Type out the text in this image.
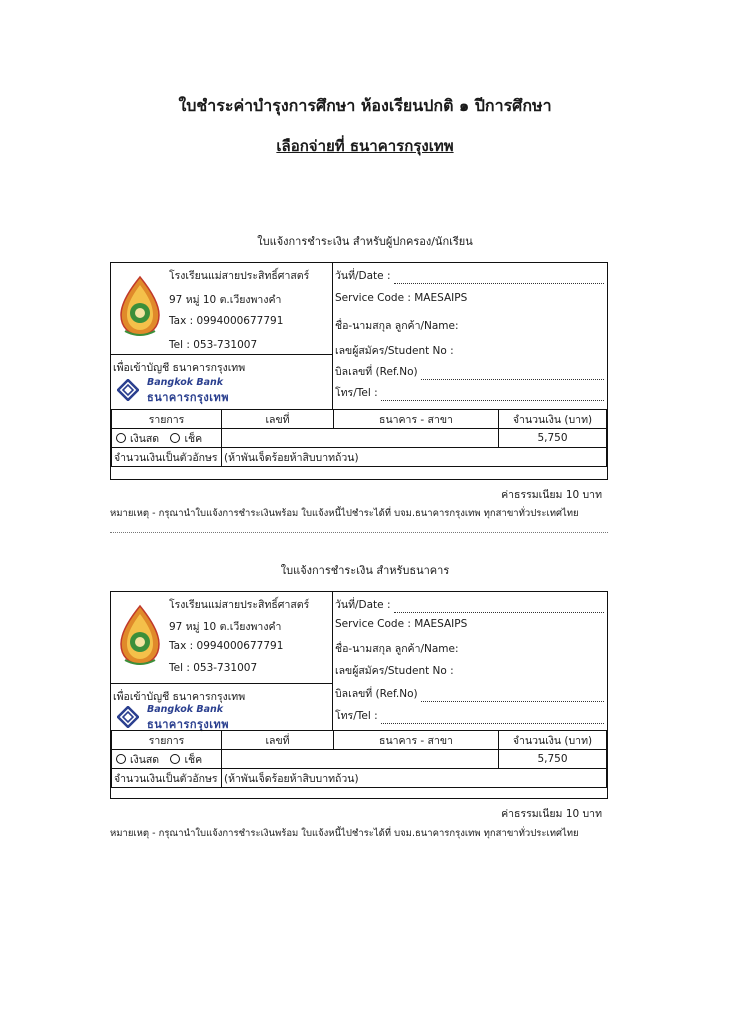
ใบชำระค่าบำรุงการศึกษา ห้องเรียนปกติ ๑ ปีการศึกษา
เลือกจ่ายที่ ธนาคารกรุงเทพ
ใบแจ้งการชำระเงิน สำหรับผู้ปกครอง/นักเรียน
โรงเรียนแม่สายประสิทธิ์ศาสตร์
97 หมู่ 10 ต.เวียงพางคำ
Tax : 0994000677791
Tel : 053-731007
เพื่อเข้าบัญชี ธนาคารกรุงเทพ
Bangkok Bank
ธนาคารกรุงเทพ
วันที่/Date :
Service Code : MAESAIPS
ชื่อ-นามสกุล ลูกค้า/Name:
เลขผู้สมัคร/Student No :
บิลเลขที่ (Ref.No)
โทร/Tel :
รายการ	เลขที่	ธนาคาร - สาขา	จำนวนเงิน (บาท)
เงินสด เช็ค			5,750
จำนวนเงินเป็นตัวอักษร	(ห้าพันเจ็ดร้อยห้าสิบบาทถ้วน)		
ค่าธรรมเนียม 10 บาท
หมายเหตุ - กรุณานำใบแจ้งการชำระเงินพร้อม ใบแจ้งหนี้ไปชำระได้ที่ บจม.ธนาคารกรุงเทพ ทุกสาขาทั่วประเทศไทย
ใบแจ้งการชำระเงิน สำหรับธนาคาร
โรงเรียนแม่สายประสิทธิ์ศาสตร์
97 หมู่ 10 ต.เวียงพางคำ
Tax : 0994000677791
Tel : 053-731007
เพื่อเข้าบัญชี ธนาคารกรุงเทพ
Bangkok Bank
ธนาคารกรุงเทพ
วันที่/Date :
Service Code : MAESAIPS
ชื่อ-นามสกุล ลูกค้า/Name:
เลขผู้สมัคร/Student No :
บิลเลขที่ (Ref.No)
โทร/Tel :
รายการ	เลขที่	ธนาคาร - สาขา	จำนวนเงิน (บาท)
เงินสด เช็ค			5,750
จำนวนเงินเป็นตัวอักษร	(ห้าพันเจ็ดร้อยห้าสิบบาทถ้วน)		
ค่าธรรมเนียม 10 บาท
หมายเหตุ - กรุณานำใบแจ้งการชำระเงินพร้อม ใบแจ้งหนี้ไปชำระได้ที่ บจม.ธนาคารกรุงเทพ ทุกสาขาทั่วประเทศไทย
